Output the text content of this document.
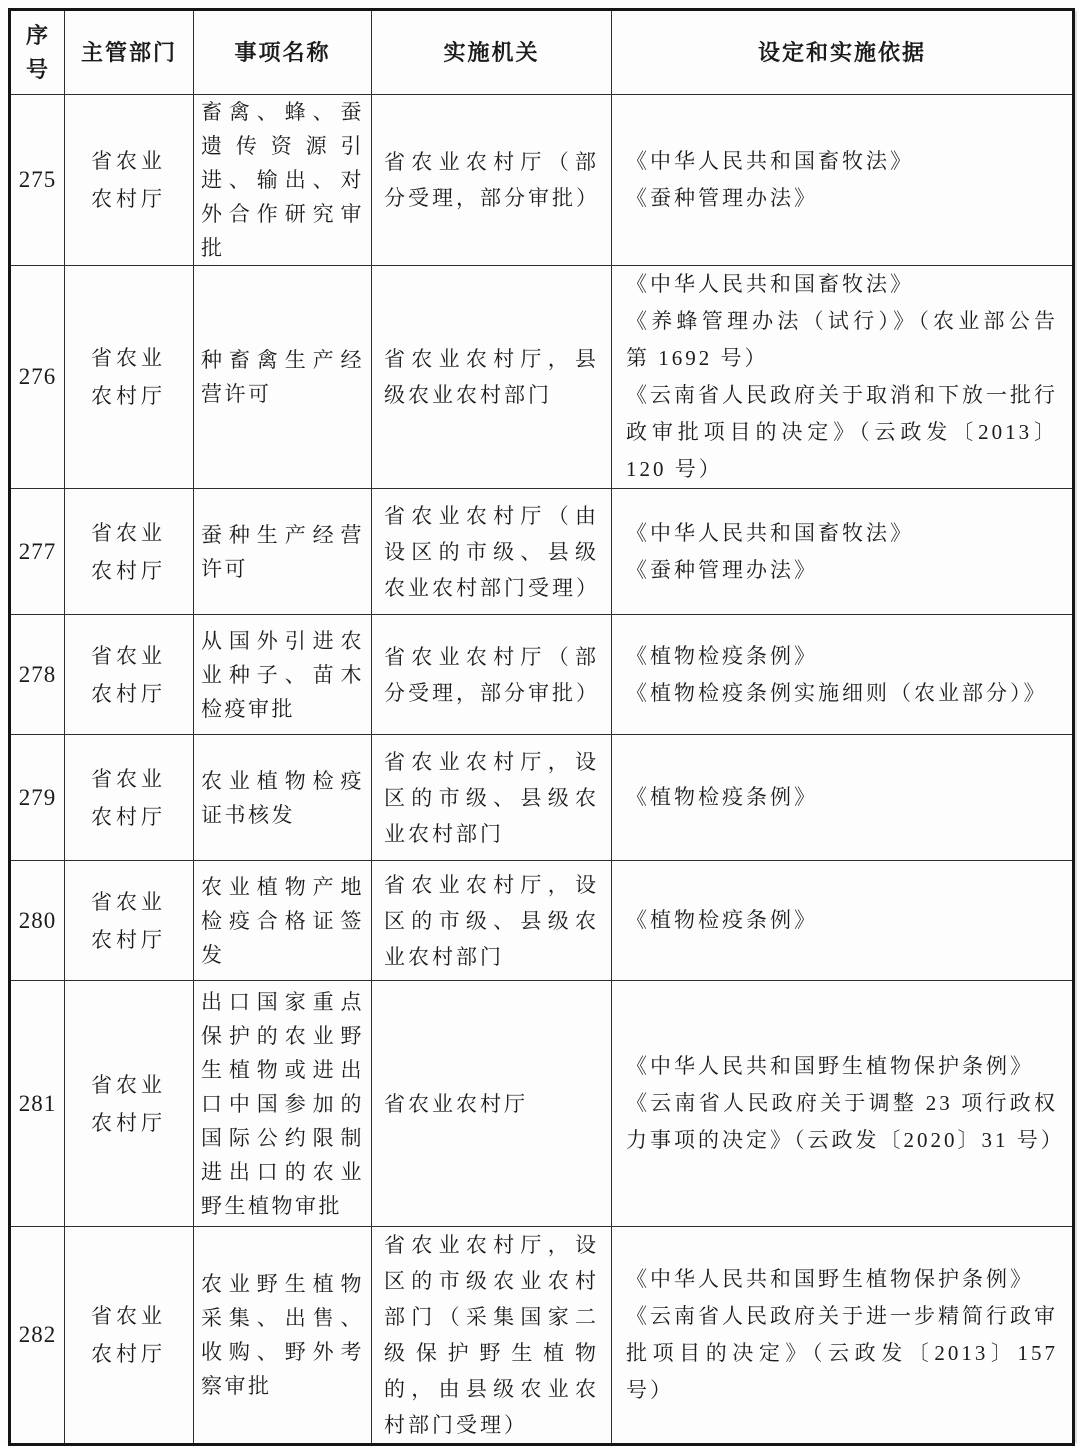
序号	主管部门	事项名称	实施机关	设定和实施依据
275	省农业农村厅	畜禽、蜂、蚕遗传资源引进、输出、对外合作研究审批	省农业农村厅（部分受理，部分审批）	《中华人民共和国畜牧法》
《蚕种管理办法》

276	省农业农村厅	种畜禽生产经营许可	省农业农村厅，县级农业农村部门	《中华人民共和国畜牧法》
《养蜂管理办法（试行）》（农业部公告第 1692 号）
《云南省人民政府关于取消和下放一批行政审批项目的决定》（云政发〔2013〕120 号）

277	省农业农村厅	蚕种生产经营许可	省农业农村厅（由设区的市级、县级农业农村部门受理）	《中华人民共和国畜牧法》
《蚕种管理办法》

278	省农业农村厅	从国外引进农业种子、苗木检疫审批	省农业农村厅（部分受理，部分审批）	《植物检疫条例》
《植物检疫条例实施细则（农业部分）》

279	省农业农村厅	农业植物检疫证书核发	省农业农村厅，设区的市级、县级农业农村部门	《植物检疫条例》

280	省农业农村厅	农业植物产地检疫合格证签发	省农业农村厅，设区的市级、县级农业农村部门	《植物检疫条例》

281	省农业农村厅	出口国家重点保护的农业野生植物或进出口中国参加的国际公约限制进出口的农业野生植物审批	省农业农村厅	《中华人民共和国野生植物保护条例》
《云南省人民政府关于调整 23 项行政权力事项的决定》（云政发〔2020〕31 号）

282	省农业农村厅	农业野生植物采集、出售、收购、野外考察审批	省农业农村厅，设区的市级农业农村部门（采集国家二级保护野生植物的，由县级农业农村部门受理）	《中华人民共和国野生植物保护条例》
《云南省人民政府关于进一步精简行政审批项目的决定》（云政发〔2013〕157 号）
